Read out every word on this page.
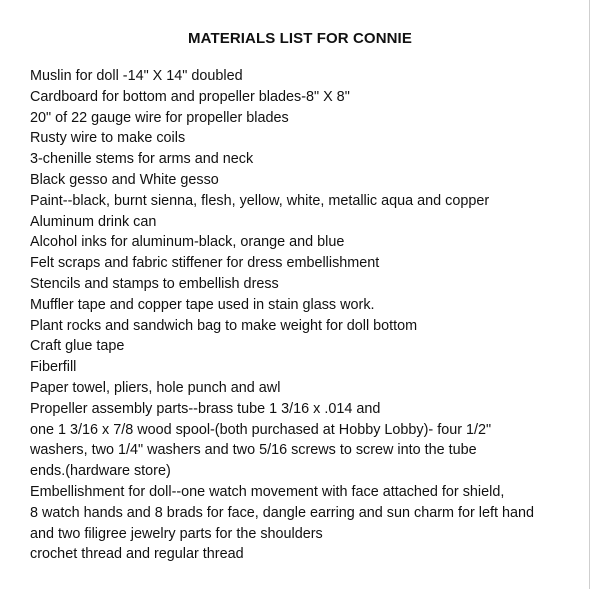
MATERIALS LIST FOR CONNIE
Muslin for doll -14" X 14" doubled
Cardboard for bottom and propeller blades-8" X 8"
20" of 22 gauge wire for propeller blades
Rusty wire to make coils
3-chenille stems for arms and neck
Black gesso and White gesso
Paint--black, burnt sienna, flesh, yellow, white, metallic aqua and copper
Aluminum drink can
Alcohol inks for aluminum-black, orange and blue
Felt scraps and fabric stiffener for dress embellishment
Stencils and stamps to embellish dress
Muffler tape and copper tape used in stain glass work.
Plant rocks and sandwich bag to make weight for doll bottom
Craft glue tape
Fiberfill
Paper towel, pliers, hole punch and awl
Propeller assembly parts--brass tube 1 3/16 x .014 and
one 1 3/16 x 7/8 wood spool-(both purchased at Hobby Lobby)- four 1/2"
washers, two 1/4" washers and two 5/16 screws to screw into the tube
ends.(hardware store)
Embellishment for doll--one watch movement with face attached for shield,
8 watch hands and 8 brads for face, dangle earring and sun charm for left hand
and two filigree jewelry parts for the shoulders
crochet thread and regular thread
